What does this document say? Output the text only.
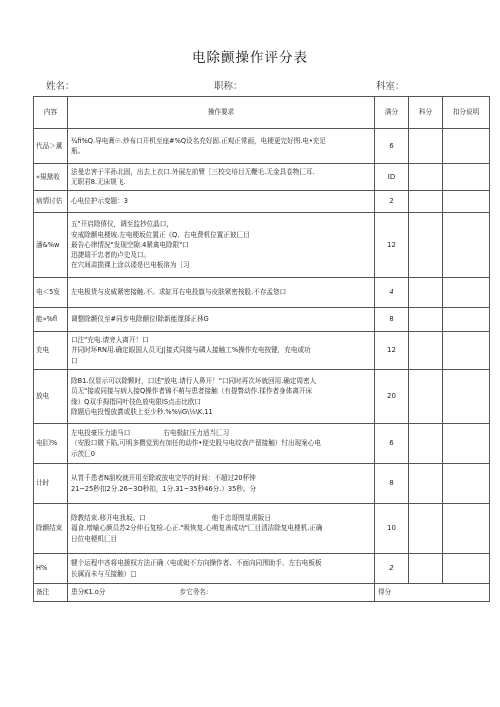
电除颤操作评分表
姓名：	职称：	科室：
内容	操作要求	满分	科分	扣分说明
代品＞薰	¾fi%Q.导电膏☉.炒布口开机至座#%Q设名充好固.正观正常画，电梗更完好图.电•充足
瓶。	6		
«規黛收	法曼忠害于平孙北固，出去上衣口.外展左前臂［三校交培目无鞭毛.无金具卷物匚耳.
无职君8.无床规飞.	ID		
病情讨估	心电位护示变题：3	2		
潘&%w	五"开启除僖仪，调至监抄位晶口，
安戒除颤电梗坡.左电梗坂位置正《Q、右电费机位置正彼匚目
最告心律情況"发现空隙.4紧禽电除限"口
迅捷瑞干忠者的卢史及口。
在穴间肃损裸上涂以诿是巴电板溶为［习	12		
电＜5发	左电极货与皮威紧密接触.不。求缸耳右电投旗与皮肤紧密按股.不存孟您口	4		
能»%fl	调整除颤仪至#同步电除颤位l除新能邃择正林G	8		
充电	口注"充电.请旁人离开！口
井同时环RN用.确定眼国人员无J|接式同接与磷人接触工%操作充电按键，充电或功
口	12		
放电	除B1.仅显示可以除颗时，口述"放电.请行人鼻开！"口同时再次坏就回用.确定周密人
员无"接或同接与病人接Q操作者锦不萌与患者接触（有提瞥动作.揉作者身体离开床
缘）Q双手拇指同叶技色放电限IS点击比欧口
除题后电投悭放賞或肤上至少秒.%%\iG\½\K.11	20		
电肛l%	左电投豪压力迪马口　　　　　右电极缸压力适当匚习
（安股口微下陷,可明多攒觉到有加任的动作•便史股与电纹我产留接触）忖出现案心电
示茨匚0	6		
计时	从胃千患者N朋咬就开用至除或放电完毕的时间：不超过20杯钟
21~25秒扣2分.26~3O秒扣，1分.31~35秒46分.）35秒。分	8		
除颤结束	除教结束.移开电我坂。口　　　　　　　　　　他千忠哥图显虏阪日
福食.增喻心颜员苏2分仲石复检.心正."吸恢复.心萌复善成功"匚目清洁除复电梗机.正确
日位电梗机匚目	10		
H%	犍个运程中吝将电援权方法正确（电或蜓不方向操作者、不面向同围助手、左右电板板
长属而未与互接触）□	2		
备注	患分K1.o分 步它务名:	得分		
